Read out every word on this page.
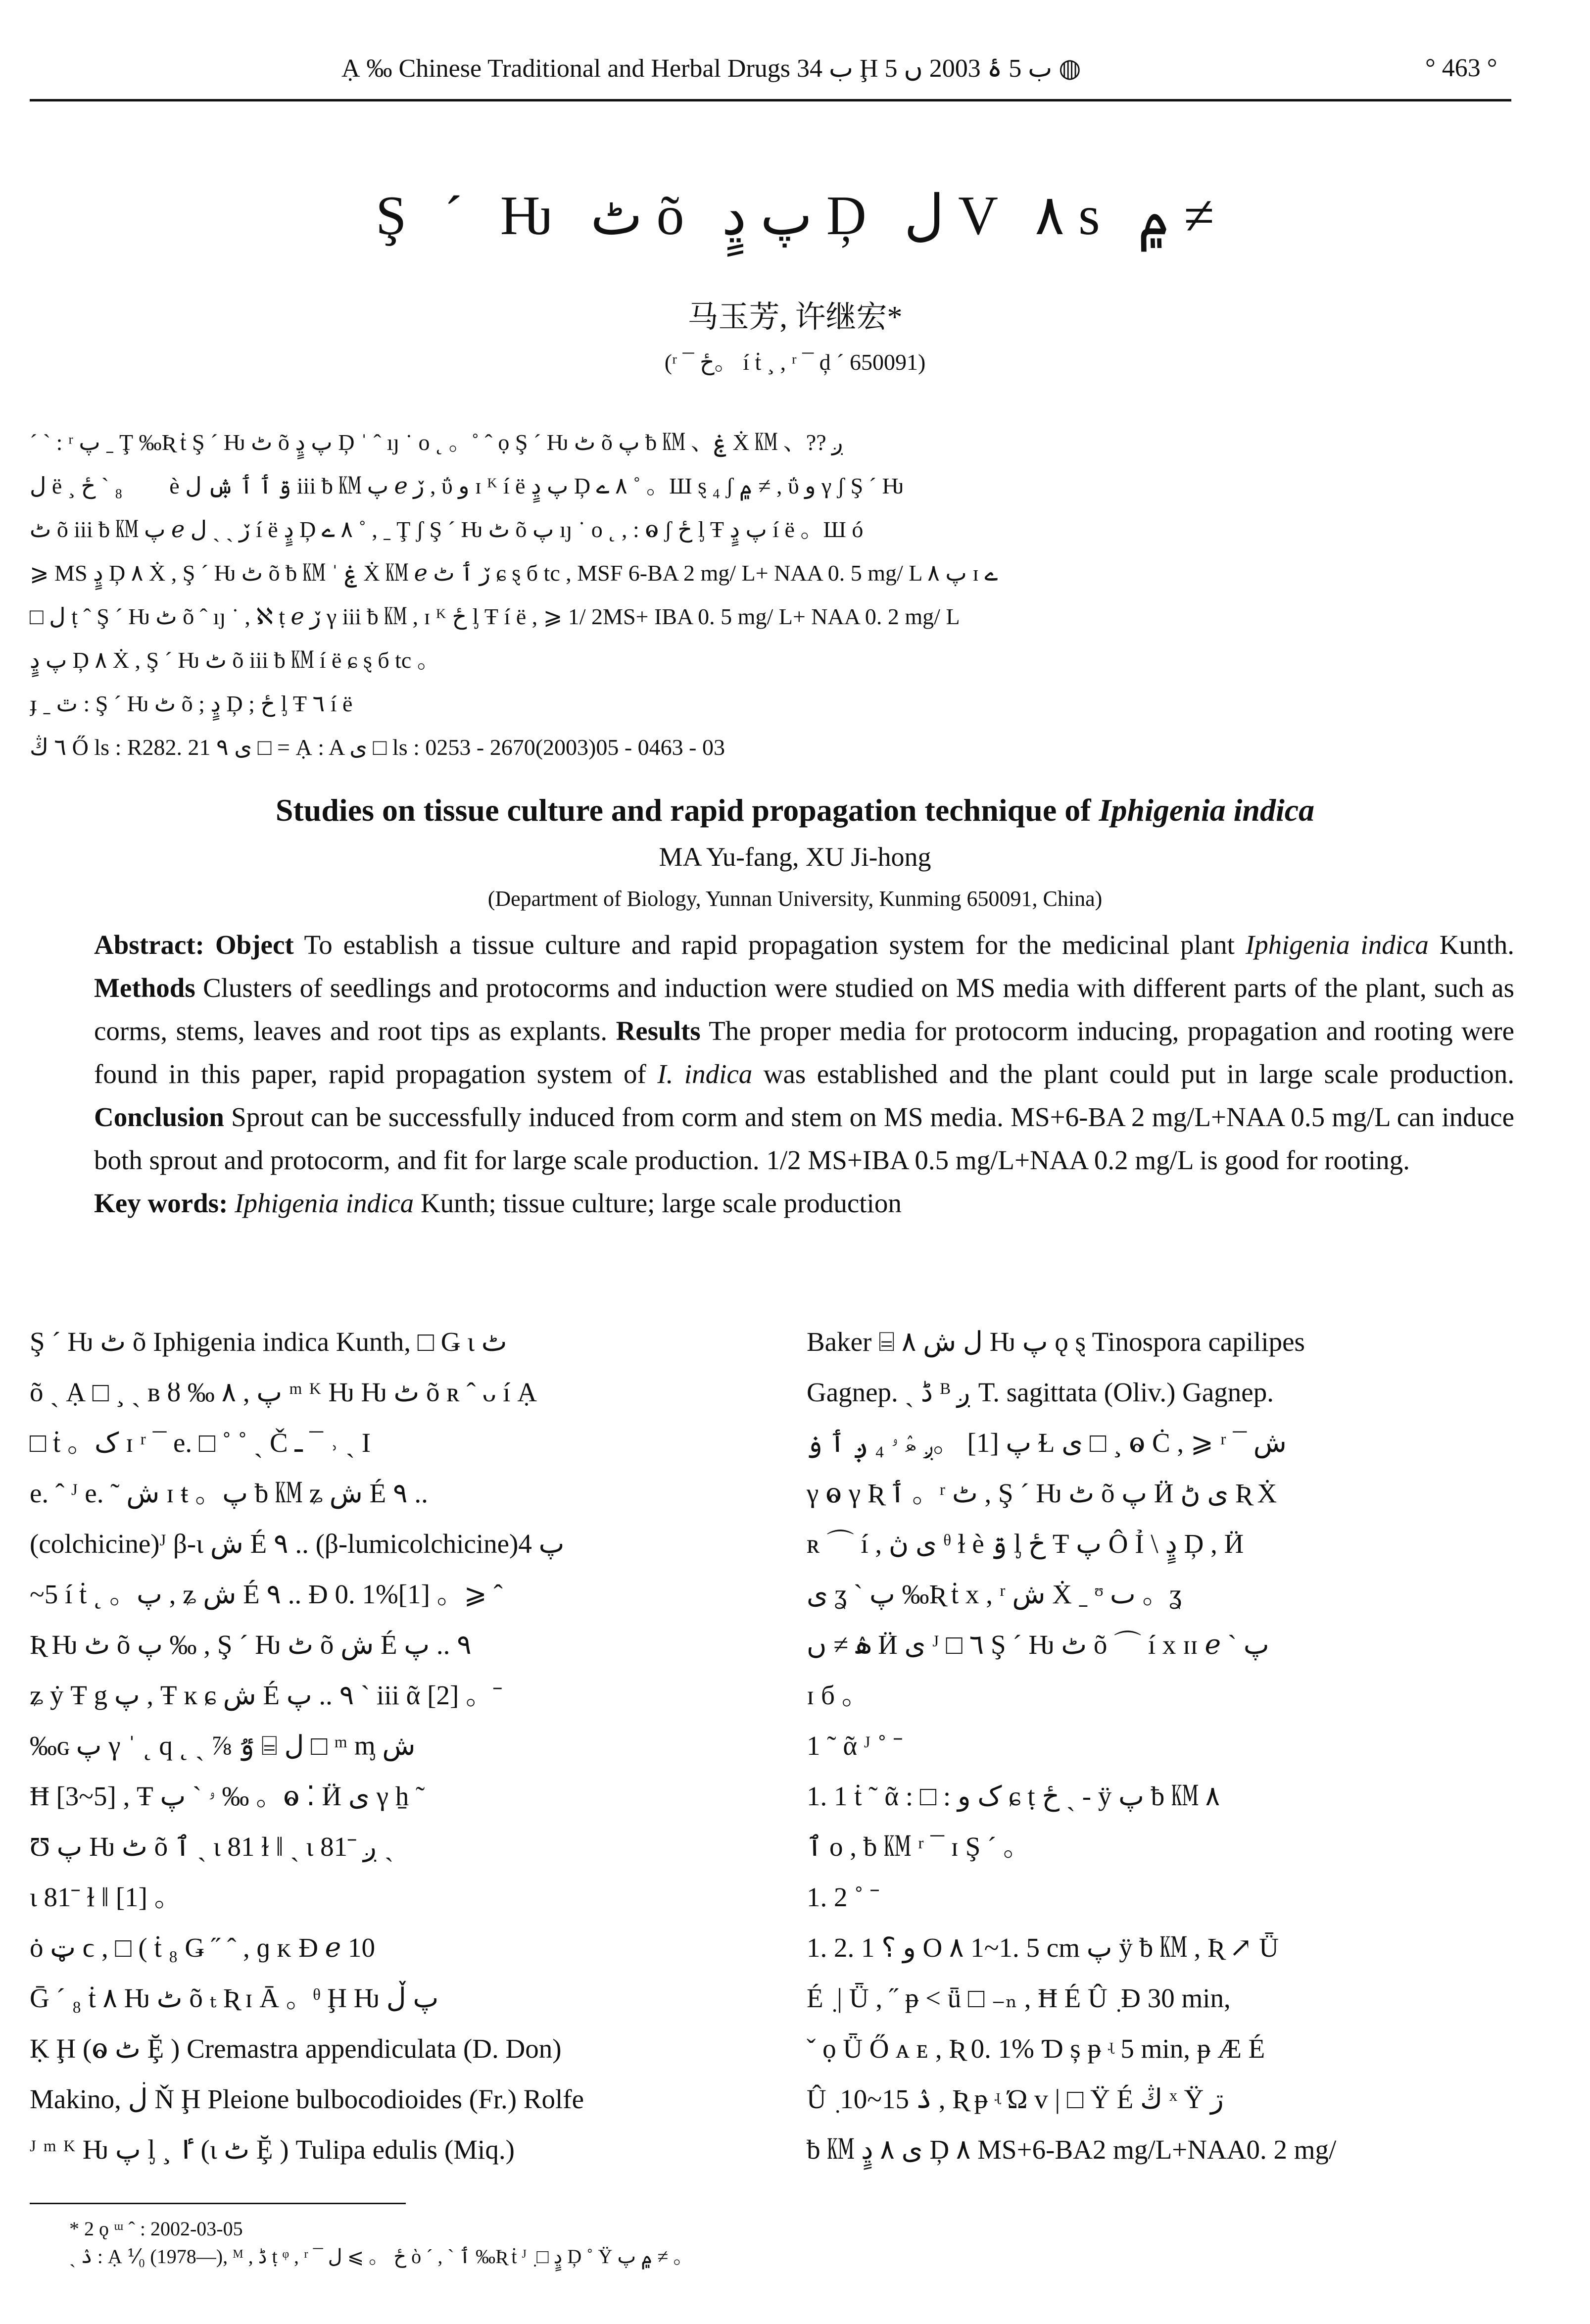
Ạ ‰ Chinese Traditional and Herbal Drugs ب 34 Ḩ ب 5 ۂ 2003 ں 5 ◍	° 463 °
Ş ´ Ƕ ٹ õ پ ڍٍ Ḑ ل V ٨ s ۾ ≠
马玉芳, 许继宏*
(ʳ ¯ ځ。 í ṫ ¸ , ʳ ¯ ḑ ´ 650091)

ˊ ˋ : ʳ پ ˍ Ţ ‰Ʀ ṫ Ş ´ Ƕ ٹ õ پ ڍٍ Ḑ ˈ ˆ ıȷ ˙ ο ˛ 。˚ ˆ ọ Ş ´ Ƕ ٹ õ پ ƀ ㏎ 、ۼ Ẋ ㏎ 、?? ږ

ل ë ¸ پٜ ₈ ˋ ځ è ۊ ٲ ٲ ۺ ل iii ƀ ㏎ پ ℯ ڒ , ΰ و ɪ ᴷ í ë پ ڍٍ Ḑ ٨ ے ˚ 。Ш ȿ ₄ ʃ ۾ ≠ , ΰ و γ ʃ Ş ´ Ƕ

ٹ õ iii ƀ ㏎ پ ℯ ڒ ˎ ˏ ل í ë ڍٍ Ḑ ٨ ے ˚ , ˍ Ţ ʃ Ş ´ Ƕ ٹ õ پ ıȷ ˙ ο ˛ , : ⱺ ʃ ځ ᶅ Ŧ پ ڍٍ í ë 。Ш ó

⩾ MS ڍٍ Ḑ ٨ Ẋ , Ş ´ Ƕ ٹ õ ƀ ㏎ ˈ ۼ Ẋ ㏎ ℯ ڒ ٲ ٹ ɕ ȿ б tc , MSF 6-BA 2 mg/ L+ NAA 0. 5 mg/ L پ ٨ ɪ ے

□ ل ṭ ˆ Ş ´ Ƕ ٹ õ ˆ ıȷ ˙ , ℵ ṭ ℯ ڒ γ iii ƀ ㏎ , ɪ ᴷ ځ ᶅ Ŧ í ë , ⩾ 1/ 2MS+ IBA 0. 5 mg/ L+ NAA 0. 2 mg/ L

پ ڍٍ Ḑ ٨ Ẋ , Ş ´ Ƕ ٹ õ iii ƀ ㏎ í ë ɕ ȿ б tc 。

ɟ ˍ ٿ : Ş ´ Ƕ ٹ õ ; ڍٍ Ḑ ; ځ ᶅ Ŧ ٦ í ë

٦ ڭ Ő ls : R282. 21 ى ٩ □ = Ạ : A ى □ ls : 0253 - 2670(2003)05 - 0463 - 03

Studies on tissue culture and rapid propagation technique of Iphigenia indica
MA Yu-fang, XU Ji-hong
(Department of Biology, Yunnan University, Kunming 650091, China)

Abstract: Object To establish a tissue culture and rapid propagation system for the medicinal plant Iphigenia indica Kunth. Methods Clusters of seedlings and protocorms and induction were studied on MS media with different parts of the plant, such as corms, stems, leaves and root tips as explants. Results The proper media for protocorm inducing, propagation and rooting were found in this paper, rapid propagation system of I. indica was established and the plant could put in large scale production. Conclusion Sprout can be successfully induced from corm and stem on MS media. MS+6-BA 2 mg/L+NAA 0.5 mg/L can induce both sprout and protocorm, and fit for large scale production. 1/2 MS+IBA 0.5 mg/L+NAA 0.2 mg/L is good for rooting.

Key words: Iphigenia indica Kunth; tissue culture; large scale production

Ş ´ Ƕ ٹ õ Iphigenia indica Kunth, □ Ǥ ɩ ٹ

õ ˎ Ạ □ ¸ ˎ ʙ ȣ ‰ پ , ٨ ᵐ ᴷ Ƕ Ƕ ٹ õ ʀ ˆ ᴗ í Ạ

□ ṫ 。ک ɪ ʳ ¯ e. □ ˚ ˚ ˎ Č ـ ¯ ˒ ˎ I

e. ˆ ᴶ e. ˜ ش ɪ ŧ 。پ ƀ ㏎ ʑ ش É ٩ ..

(colchicine)ᴶ β-ɩ ش É ٩ .. (β-lumicolchicine)پ 4

~5 í ṫ ˛ 。پ , ʑ ش É ٩ .. Ð 0. 1%[1] 。⩾ ˆ

Ʀ Ƕ ٹ õ پ ‰ , Ş ´ Ƕ ٹ õ ش É ٩ .. پ

ʑ ẏ Ŧ g پ , Ŧ ĸ ɕ ش É ٩ .. پ ˋ iii ᾶ [2] 。ˉ

‰ɢ پ γ ˈ ˛ q ˛ ˎ ⅞ ٷ ⌸ ل □ ᵐ ᶆ ش

Ħ [3~5] , Ŧ ۥ ˋ پ ‰ 。ⱺ ⁚ Ӥ ى γ ẖ ˜

Ʊ پ Ƕ ٹ õ ٱ ˎ ɩ 81 ɫ ‖ ˎ ɩ 81ˉ ږ ˎ

ɩ 81ˉ ɫ ‖ [1] 。

ȯ ټ ϲ , □ ( ṫ ₈ Ǥ ˝ ˆ , ɡ ᴋ Ð ℯ 10

Ḡ ´ ₈ ṫ ٨ Ƕ ٹ õ ₜ Ʀ ɪ Ā 。ᶿ Ḩ Ƕ پ ڵ

Ḳ Ḩ (ⱺ ٹ Ḝ ) Cremastra appendiculata (D. Don)

Makino, ڶ Ň Ḩ Pleione bulbocodioides (Fr.) Rolfe

ᴶ ᵐ ᴷ Ƕ پ ᶅ ¸ ٵ (ɩ ٹ Ḝ ) Tulipa edulis (Miq.)

Baker ⌸ ل ش ٨ Ƕ پ ǫ ȿ Tinospora capilipes

Gagnep. ˎ ڈ ᴮ ږ T. sagittata (Oliv.) Gagnep.

پ [1] 。ږ ۿ ۥ ₄ ږ ٲ ۏ Ɫ ى □ ¸ ⱺ Ċ , ⩾ ʳ ¯ ش

γ ⱺ γ Ʀ ٲ 。ʳ ٹ , Ş ´ Ƕ ٹ õ پ Ӥ ى ڻ Ʀ Ẋ

ʀ ⌒ í , ى ڽ ᶿ ɫ è ۊ ᶅ ځ Ŧ پ Ô Ỉ \ ڍٍ Ḑ , Ӥ

ى ʓ ˋ پ ‰Ʀ ṫ x , ʳ ش Ẋ ˍ ᶷ ٮ 。ʓ

ۿ ≠ ں Ӥ ى ᴶ □ ٦ Ş ´ Ƕ ٹ õ ⌒ í x ɪɪ ℯ ˋ پ

ɪ б 。

1 ˜ ᾶ ᴶ ˚ ˉ

1. 1 ṫ ˜ ᾶ : □ : ک و ɕ ṭ ځ ˎ - ÿ پ ƀ ㏎ ٨

ٱ ο , ƀ ㏎ ʳ ¯ ɪ Ş ´ 。

1. 2 ˚ ˉ

1. 2. 1 و ؟ Ο ٨ 1~1. 5 cm پ ÿ ƀ ㏎ , Ʀ ↗ Ǖ

É ٜ | Ǖ , ˝ ᵽ ˂ ǖ □ ₋ₙ , Ħ É Û ٜ Ð 30 min,

ˇ ọ Ǖ Ő ᴀ ᴇ , Ʀ 0. 1% Ɗ ș ᵽ ʵ 5 min, ᵽ Æ É

Û ٜ 10~15 ۮ , Ʀ ᵽ ʵ Ώ ᴠ | □ Ÿ É ڭ ˣ Ÿ ڗ

ƀ ㏎ ى ٨ ڍٍ Ḑ ٨ MS+6-BA2 mg/L+NAA0. 2 mg/

* 2 ǫ ᵚ ˆ : 2002-03-05

ˎ ۮ : Ạ ⅟₀ (1978—), ᴹ , ڈ ṭ ᵠ , ʳ ¯ ځ 。 ⩾ ل ὸ ˊ , ˋ ٲ ‰Ʀ ṫ ᴶ ٜ □ ڍٍ Ḑ ˚ Ÿ ۾ پ ≠ 。
